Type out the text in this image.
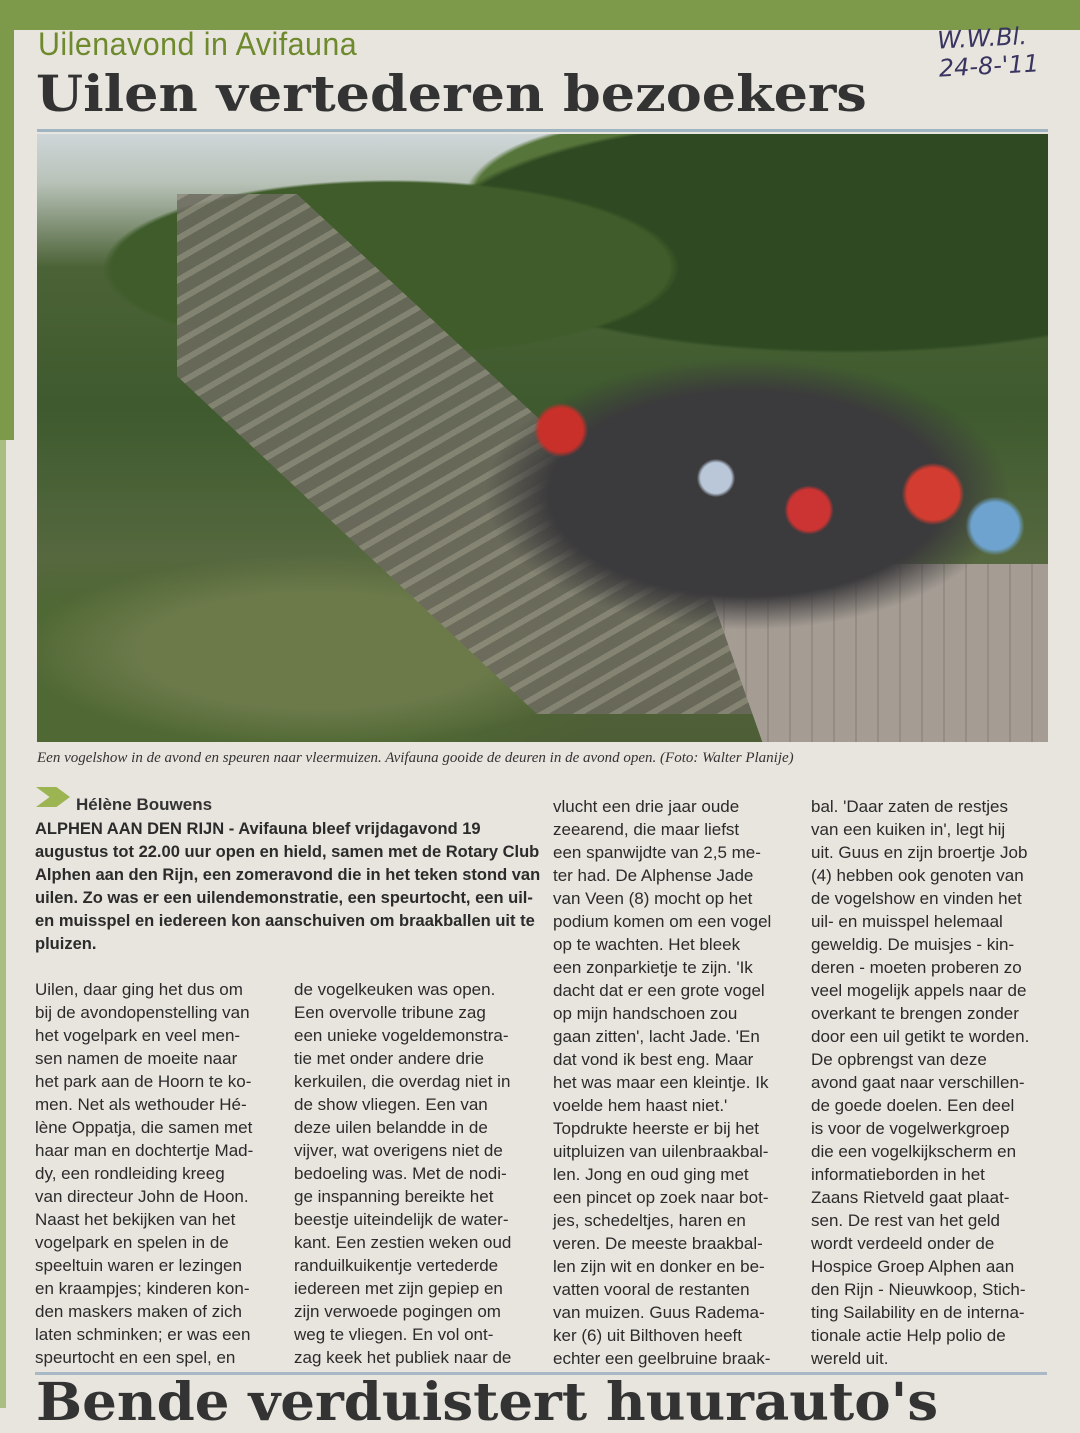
Uilenavond in Avifauna
Uilen vertederen bezoekers
W.W.Bl.
24-8-'11
Een vogelshow in de avond en speuren naar vleermuizen. Avifauna gooide de deuren in de avond open. (Foto: Walter Planije)
Hélène Bouwens
ALPHEN AAN DEN RIJN - Avifauna bleef vrijdagavond 19 augustus tot 22.00 uur open en hield, samen met de Rotary Club Alphen aan den Rijn, een zomeravond die in het teken stond van uilen. Zo was er een uilendemonstratie, een speurtocht, een uil- en muisspel en iedereen kon aanschuiven om braakballen uit te pluizen.
Uilen, daar ging het dus om
bij de avondopenstelling van
het vogelpark en veel men-
sen namen de moeite naar
het park aan de Hoorn te ko-
men. Net als wethouder Hé-
lène Oppatja, die samen met
haar man en dochtertje Mad-
dy, een rondleiding kreeg
van directeur John de Hoon.
Naast het bekijken van het
vogelpark en spelen in de
speeltuin waren er lezingen
en kraampjes; kinderen kon-
den maskers maken of zich
laten schminken; er was een
speurtocht en een spel, en
de vogelkeuken was open.
Een overvolle tribune zag
een unieke vogeldemonstra-
tie met onder andere drie
kerkuilen, die overdag niet in
de show vliegen. Een van
deze uilen belandde in de
vijver, wat overigens niet de
bedoeling was. Met de nodi-
ge inspanning bereikte het
beestje uiteindelijk de water-
kant. Een zestien weken oud
randuilkuikentje vertederde
iedereen met zijn gepiep en
zijn verwoede pogingen om
weg te vliegen. En vol ont-
zag keek het publiek naar de
vlucht een drie jaar oude
zeearend, die maar liefst
een spanwijdte van 2,5 me-
ter had. De Alphense Jade
van Veen (8) mocht op het
podium komen om een vogel
op te wachten. Het bleek
een zonparkietje te zijn. 'Ik
dacht dat er een grote vogel
op mijn handschoen zou
gaan zitten', lacht Jade. 'En
dat vond ik best eng. Maar
het was maar een kleintje. Ik
voelde hem haast niet.'
Topdrukte heerste er bij het
uitpluizen van uilenbraakbal-
len. Jong en oud ging met
een pincet op zoek naar bot-
jes, schedeltjes, haren en
veren. De meeste braakbal-
len zijn wit en donker en be-
vatten vooral de restanten
van muizen. Guus Radema-
ker (6) uit Bilthoven heeft
echter een geelbruine braak-
bal. 'Daar zaten de restjes
van een kuiken in', legt hij
uit. Guus en zijn broertje Job
(4) hebben ook genoten van
de vogelshow en vinden het
uil- en muisspel helemaal
geweldig. De muisjes - kin-
deren - moeten proberen zo
veel mogelijk appels naar de
overkant te brengen zonder
door een uil getikt te worden.
De opbrengst van deze
avond gaat naar verschillen-
de goede doelen. Een deel
is voor de vogelwerkgroep
die een vogelkijkscherm en
informatieborden in het
Zaans Rietveld gaat plaat-
sen. De rest van het geld
wordt verdeeld onder de
Hospice Groep Alphen aan
den Rijn - Nieuwkoop, Stich-
ting Sailability en de interna-
tionale actie Help polio de
wereld uit.
Bende verduistert huurauto's
